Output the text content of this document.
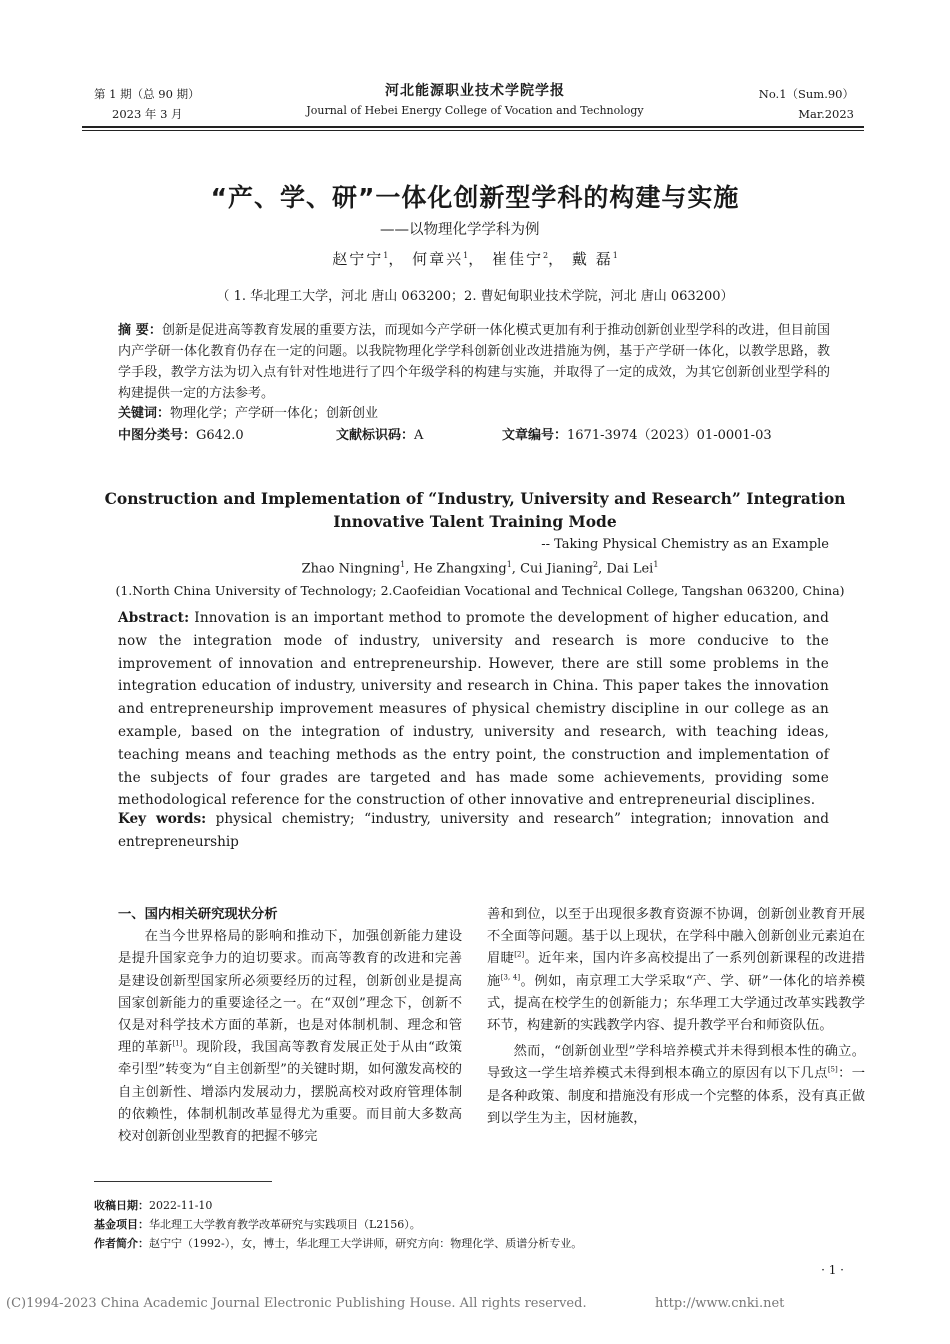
第 1 期（总 90 期）
2023 年 3 月
河北能源职业技术学院学报
Journal of Hebei Energy College of Vocation and Technology
No.1（Sum.90）
Mar.2023
“产、学、研”一体化创新型学科的构建与实施
——以物理化学学科为例
赵宁宁$^1$， 何章兴$^1$， 崔佳宁$^2$， 戴 磊$^1$
（ 1. 华北理工大学，河北 唐山 063200；2. 曹妃甸职业技术学院，河北 唐山 063200）
摘 要：创新是促进高等教育发展的重要方法，而现如今产学研一体化模式更加有利于推动创新创业型学科的改进，但目前国内产学研一体化教育仍存在一定的问题。以我院物理化学学科创新创业改进措施为例，基于产学研一体化，以教学思路，教学手段，教学方法为切入点有针对性地进行了四个年级学科的构建与实施，并取得了一定的成效，为其它创新创业型学科的构建提供一定的方法参考。
关键词：物理化学；产学研一体化；创新创业
中图分类号：G642.0	文献标识码：A	文章编号：1671-3974（2023）01-0001-03
Construction and Implementation of “Industry, University and Research” Integration
Innovative Talent Training Mode
-- Taking Physical Chemistry as an Example
Zhao Ningning$^1$, He Zhangxing$^1$, Cui Jianing$^2$, Dai Lei$^1$
(1.North China University of Technology; 2.Caofeidian Vocational and Technical College, Tangshan 063200, China)
Abstract: Innovation is an important method to promote the development of higher education, and now the integration mode of industry, university and research is more conducive to the improvement of innovation and entrepreneurship. However, there are still some problems in the integration education of industry, university and research in China. This paper takes the innovation and entrepreneurship improvement measures of physical chemistry discipline in our college as an example, based on the integration of industry, university and research, with teaching ideas, teaching means and teaching methods as the entry point, the construction and implementation of the subjects of four grades are targeted and has made some achievements, providing some methodological reference for the construction of other innovative and entrepreneurial disciplines.
Key words: physical chemistry; “industry, university and research” integration; innovation and entrepreneurship
一、国内相关研究现状分析
在当今世界格局的影响和推动下，加强创新能力建设是提升国家竞争力的迫切要求。而高等教育的改进和完善是建设创新型国家所必须要经历的过程，创新创业是提高国家创新能力的重要途径之一。在“双创”理念下，创新不仅是对科学技术方面的革新，也是对体制机制、理念和管理的革新[1]。现阶段，我国高等教育发展正处于从由“政策牵引型”转变为“自主创新型”的关键时期，如何激发高校的自主创新性、增添内发展动力，摆脱高校对政府管理体制的依赖性，体制机制改革显得尤为重要。而目前大多数高校对创新创业型教育的把握不够完
善和到位，以至于出现很多教育资源不协调，创新创业教育开展不全面等问题。基于以上现状，在学科中融入创新创业元素迫在眉睫[2]。近年来，国内许多高校提出了一系列创新课程的改进措施[3, 4]。例如，南京理工大学采取“产、学、研”一体化的培养模式，提高在校学生的创新能力；东华理工大学通过改革实践教学环节，构建新的实践教学内容、提升教学平台和师资队伍。
然而，“创新创业型”学科培养模式并未得到根本性的确立。导致这一学生培养模式未得到根本确立的原因有以下几点[5]：一是各种政策、制度和措施没有形成一个完整的体系，没有真正做到以学生为主，因材施教，
收稿日期：2022-11-10
基金项目：华北理工大学教育教学改革研究与实践项目（L2156）。
作者简介：赵宁宁（1992-），女，博士，华北理工大学讲师，研究方向：物理化学、质谱分析专业。
· 1 ·
(C)1994-2023 China Academic Journal Electronic Publishing House. All rights reserved.	http://www.cnki.net
